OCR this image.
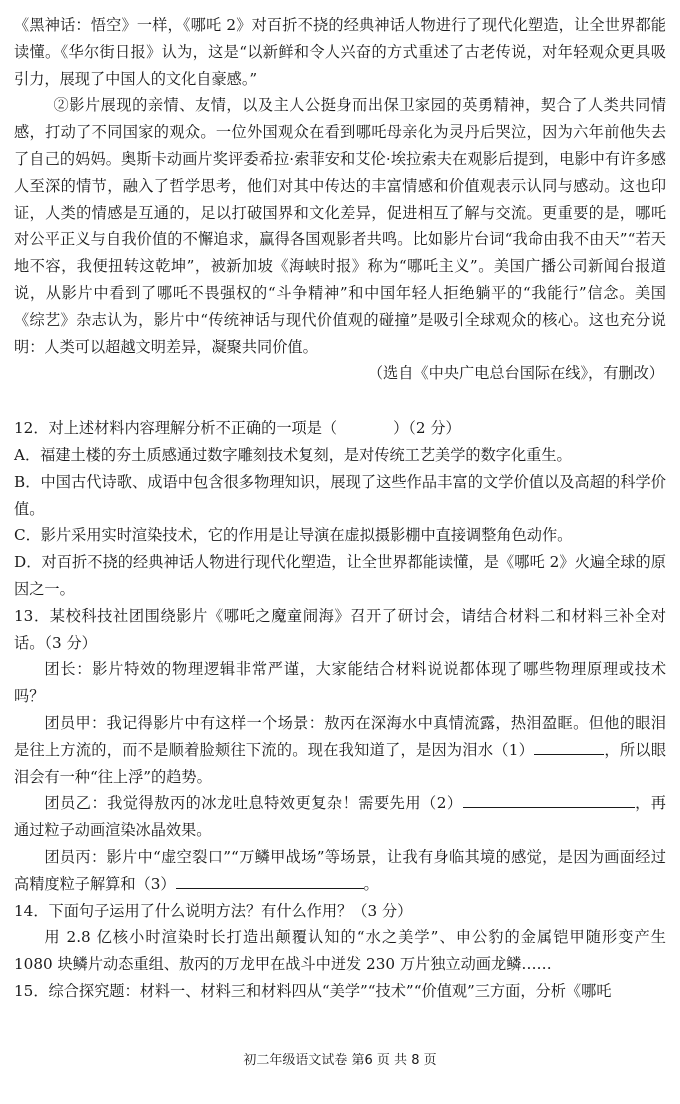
《黑神话：悟空》一样，《哪吒 2》对百折不挠的经典神话人物进行了现代化塑造，让全世界都能读懂。《华尔街日报》认为，这是“以新鲜和令人兴奋的方式重述了古老传说，对年轻观众更具吸引力，展现了中国人的文化自豪感。”

②影片展现的亲情、友情，以及主人公挺身而出保卫家园的英勇精神，契合了人类共同情感，打动了不同国家的观众。一位外国观众在看到哪吒母亲化为灵丹后哭泣，因为六年前他失去了自己的妈妈。奥斯卡动画片奖评委希拉·索菲安和艾伦·埃拉索夫在观影后提到，电影中有许多感人至深的情节，融入了哲学思考，他们对其中传达的丰富情感和价值观表示认同与感动。这也印证，人类的情感是互通的，足以打破国界和文化差异，促进相互了解与交流。更重要的是，哪吒对公平正义与自我价值的不懈追求，赢得各国观影者共鸣。比如影片台词“我命由我不由天”“若天地不容，我便扭转这乾坤”，被新加坡《海峡时报》称为“哪吒主义”。美国广播公司新闻台报道说，从影片中看到了哪吒不畏强权的“斗争精神”和中国年轻人拒绝躺平的“我能行”信念。美国《综艺》杂志认为，影片中“传统神话与现代价值观的碰撞”是吸引全球观众的核心。这也充分说明：人类可以超越文明差异，凝聚共同价值。

（选自《中央广电总台国际在线》，有删改）

12．对上述材料内容理解分析不正确的一项是（	）（2 分）

A．福建土楼的夯土质感通过数字雕刻技术复刻，是对传统工艺美学的数字化重生。

B．中国古代诗歌、成语中包含很多物理知识，展现了这些作品丰富的文学价值以及高超的科学价值。

C．影片采用实时渲染技术，它的作用是让导演在虚拟摄影棚中直接调整角色动作。

D．对百折不挠的经典神话人物进行现代化塑造，让全世界都能读懂，是《哪吒 2》火遍全球的原因之一。

13．某校科技社团围绕影片《哪吒之魔童闹海》召开了研讨会，请结合材料二和材料三补全对话。（3 分）

团长：影片特效的物理逻辑非常严谨，大家能结合材料说说都体现了哪些物理原理或技术吗？

团员甲：我记得影片中有这样一个场景：敖丙在深海水中真情流露，热泪盈眶。但他的眼泪是往上方流的，而不是顺着脸颊往下流的。现在我知道了，是因为泪水（1）	，所以眼泪会有一种“往上浮”的趋势。

团员乙：我觉得敖丙的冰龙吐息特效更复杂！需要先用（2）	，再通过粒子动画渲染冰晶效果。

团员丙：影片中“虚空裂口”“万鳞甲战场”等场景，让我有身临其境的感觉，是因为画面经过高精度粒子解算和（3）	。

14．下面句子运用了什么说明方法？有什么作用？（3 分）

用 2.8 亿核小时渲染时长打造出颠覆认知的“水之美学”、申公豹的金属铠甲随形变产生 1080 块鳞片动态重组、敖丙的万龙甲在战斗中迸发 230 万片独立动画龙鳞……

15．综合探究题：材料一、材料三和材料四从“美学”“技术”“价值观”三方面，分析《哪吒

初二年级语文试卷 第6 页 共 8 页
